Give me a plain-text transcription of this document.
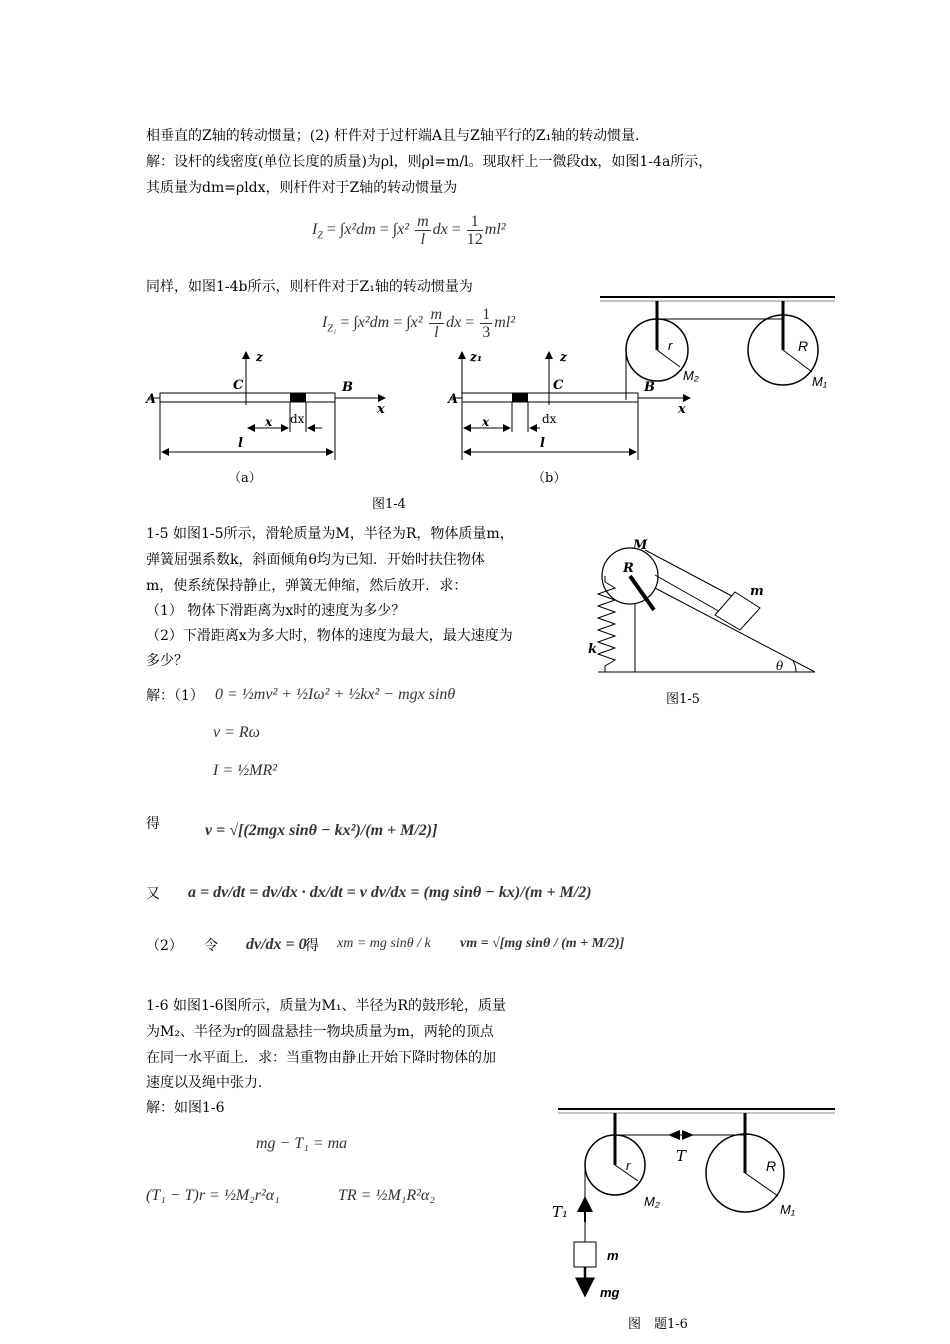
相垂直的Z轴的转动惯量；(2) 杆件对于过杆端A且与Z轴平行的Z₁轴的转动惯量．
解：设杆的线密度(单位长度的质量)为ρl，则ρl=m/l。现取杆上一微段dx，如图1-4a所示，
其质量为dm=ρldx，则杆件对于Z轴的转动惯量为
$I_Z = \int x^2dm = \int x^2 \frac{m}{l}$ dx = $\frac{1}{12} ml^2$
同样，如图1-4b所示，则杆件对于Z₁轴的转动惯量为
$I_{Z_1} = \int x^2dm = \int x^2 \frac{m}{l}$ dx = $\frac{1}{3} ml^2$
z
C
A
B
x
x dx
l
（a）
z₁	z
C
A
B
x
x	dx
l
（b）
图1-4
1-5 如图1-5所示，滑轮质量为M，半径为R，物体质量m，
弹簧屈强系数k，斜面倾角θ均为已知．开始时扶住物体
m，使系统保持静止，弹簧无伸缩，然后放开．求：
（1） 物体下滑距离为x时的速度为多少？
（2）下滑距离x为多大时，物体的速度为最大，最大速度为
多少？
M
R
m
k
θ
图1-5
解：（1） 0 = ½mv² + ½Iω² + ½kx² − mgx sinθ
v = Rω
I = ½MR²
得	v = √[(2mgx sinθ − kx²)/(m + M/2)]
又 a = dv/dt = dv/dx · dx/dt = v dv/dx = (mg sinθ − kx)/(m + M/2)
（2） 令 dv/dx = 0
得 xm = mg sinθ / k vm = √[mg sinθ / (m + M/2)]
1-6 如图1-6图所示，质量为M₁、半径为R的鼓形轮，质量
为M₂、半径为r的圆盘悬挂一物块质量为m，两轮的顶点
在同一水平面上．求：当重物由静止开始下降时物体的加
速度以及绳中张力．
解：如图1-6
mg − T₁ = ma
(T₁ − T)r = ½M₂r²α₁	TR = ½M₁R²α₂
r	R
M₂	M₁
T
r	R
M₂
M₁
T₁
m
mg
图　题1-6
